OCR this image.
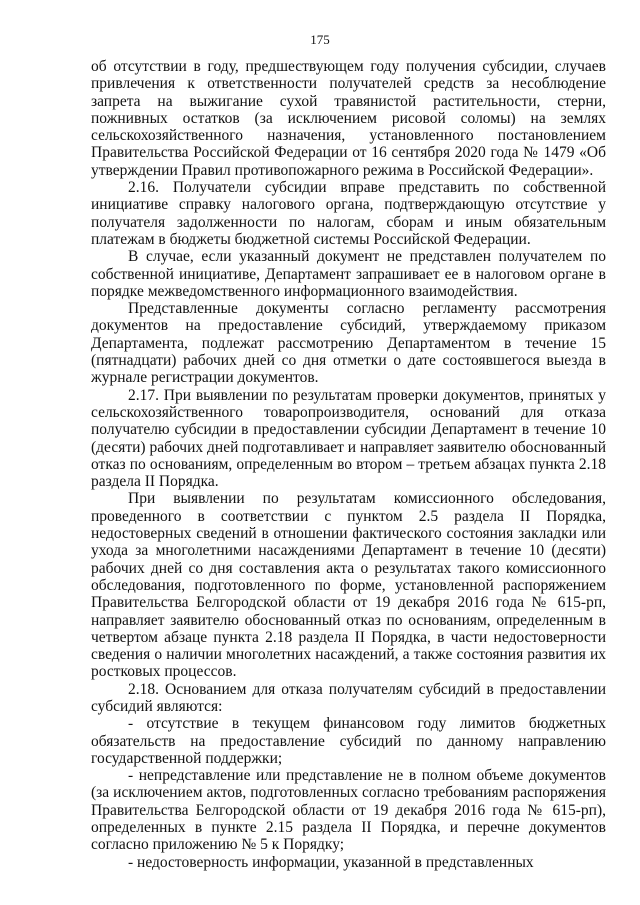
175

об отсутствии в году, предшествующем году получения субсидии, случаев привлечения к ответственности получателей средств за несоблюдение запрета на выжигание сухой травянистой растительности, стерни, пожнивных остатков (за исключением рисовой соломы) на землях сельскохозяйственного назначения, установленного постановлением Правительства Российской Федерации от 16 сентября 2020 года № 1479 «Об утверждении Правил противопожарного режима в Российской Федерации».

2.16. Получатели субсидии вправе представить по собственной инициативе справку налогового органа, подтверждающую отсутствие у получателя задолженности по налогам, сборам и иным обязательным платежам в бюджеты бюджетной системы Российской Федерации.

В случае, если указанный документ не представлен получателем по собственной инициативе, Департамент запрашивает ее в налоговом органе в порядке межведомственного информационного взаимодействия.

Представленные документы согласно регламенту рассмотрения документов на предоставление субсидий, утверждаемому приказом Департамента, подлежат рассмотрению Департаментом в течение 15 (пятнадцати) рабочих дней со дня отметки о дате состоявшегося выезда в журнале регистрации документов.

2.17. При выявлении по результатам проверки документов, принятых у сельскохозяйственного товаропроизводителя, оснований для отказа получателю субсидии в предоставлении субсидии Департамент в течение 10 (десяти) рабочих дней подготавливает и направляет заявителю обоснованный отказ по основаниям, определенным во втором – третьем абзацах пункта 2.18 раздела II Порядка.

При выявлении по результатам комиссионного обследования, проведенного в соответствии с пунктом 2.5 раздела II Порядка, недостоверных сведений в отношении фактического состояния закладки или ухода за многолетними насаждениями Департамент в течение 10 (десяти) рабочих дней со дня составления акта о результатах такого комиссионного обследования, подготовленного по форме, установленной распоряжением Правительства Белгородской области от 19 декабря 2016 года № 615-рп, направляет заявителю обоснованный отказ по основаниям, определенным в четвертом абзаце пункта 2.18 раздела II Порядка, в части недостоверности сведения о наличии многолетних насаждений, а также состояния развития их ростковых процессов.

2.18. Основанием для отказа получателям субсидий в предоставлении субсидий являются:

- отсутствие в текущем финансовом году лимитов бюджетных обязательств на предоставление субсидий по данному направлению государственной поддержки;

- непредставление или представление не в полном объеме документов (за исключением актов, подготовленных согласно требованиям распоряжения Правительства Белгородской области от 19 декабря 2016 года № 615-рп), определенных в пункте 2.15 раздела II Порядка, и перечне документов согласно приложению № 5 к Порядку;

- недостоверность информации, указанной в представленных
